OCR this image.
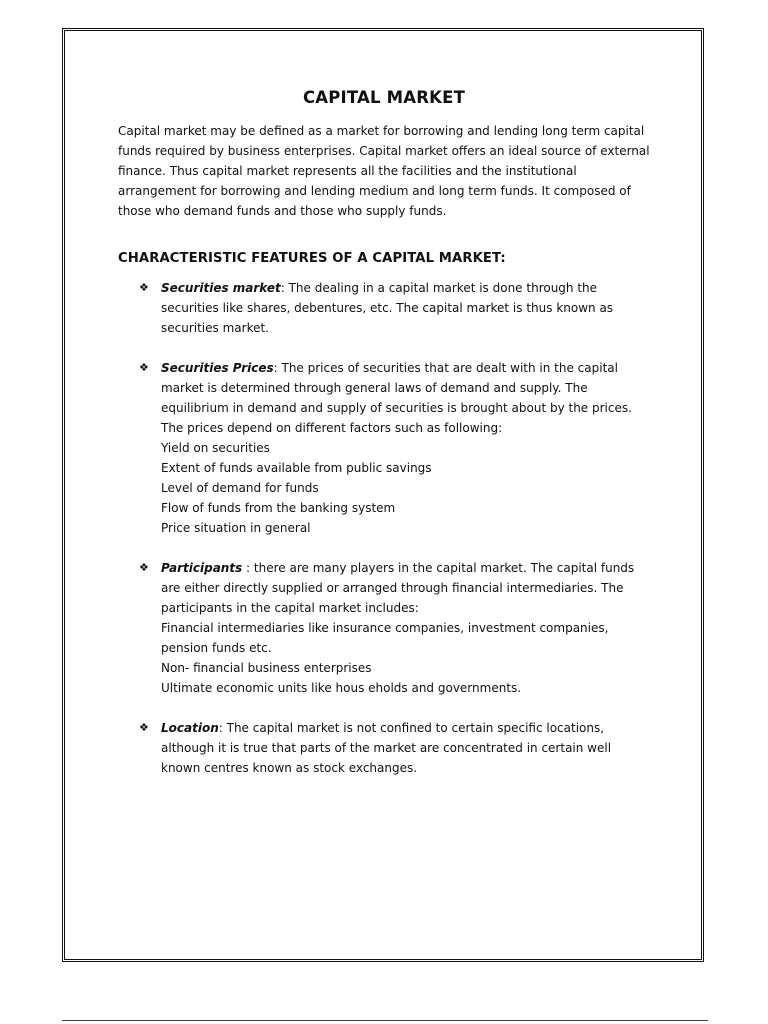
CAPITAL MARKET

Capital market may be defined as a market for borrowing and lending long term capital funds required by business enterprises. Capital market offers an ideal source of external finance. Thus capital market represents all the facilities and the institutional arrangement for borrowing and lending medium and long term funds. It composed of those who demand funds and those who supply funds.

CHARACTERISTIC FEATURES OF A CAPITAL MARKET:
❖ Securities market: The dealing in a capital market is done through the securities like shares, debentures, etc. The capital market is thus known as securities market.
❖ Securities Prices: The prices of securities that are dealt with in the capital market is determined through general laws of demand and supply. The equilibrium in demand and supply of securities is brought about by the prices. The prices depend on different factors such as following:
Yield on securities
Extent of funds available from public savings
Level of demand for funds
Flow of funds from the banking system
Price situation in general
❖ Participants : there are many players in the capital market. The capital funds are either directly supplied or arranged through financial intermediaries. The participants in the capital market includes:
Financial intermediaries like insurance companies, investment companies, pension funds etc.
Non- financial business enterprises
Ultimate economic units like hous eholds and governments.
❖ Location: The capital market is not confined to certain specific locations, although it is true that parts of the market are concentrated in certain well known centres known as stock exchanges.
